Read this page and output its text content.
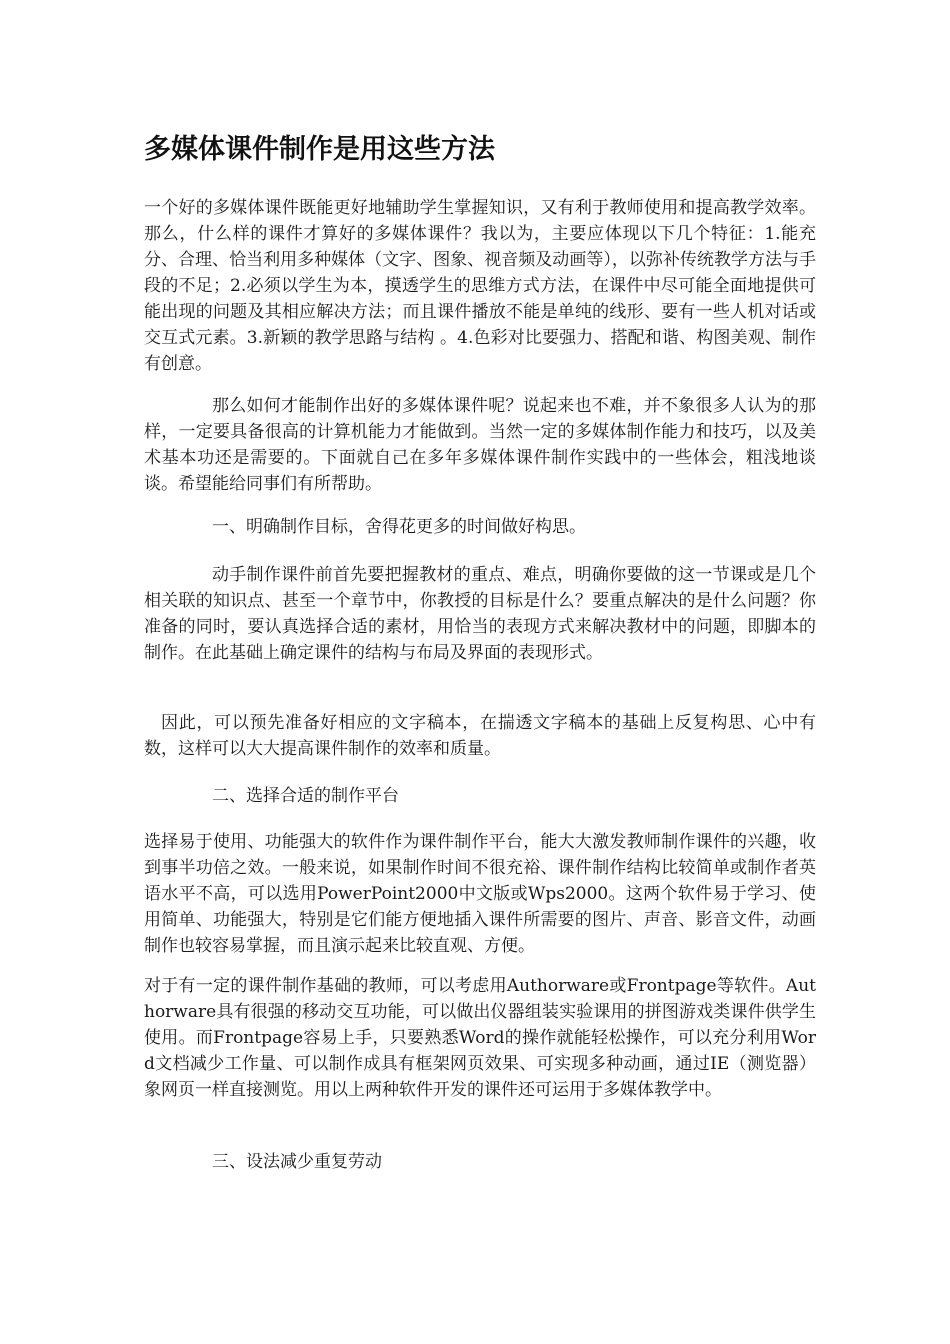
多媒体课件制作是用这些方法

一个好的多媒体课件既能更好地辅助学生掌握知识，又有利于教师使用和提高教学效率。那么，什么样的课件才算好的多媒体课件？我以为，主要应体现以下几个特征：1.能充分、合理、恰当利用多种媒体（文字、图象、视音频及动画等），以弥补传统教学方法与手段的不足；2.必须以学生为本，摸透学生的思维方式方法，在课件中尽可能全面地提供可能出现的问题及其相应解决方法；而且课件播放不能是单纯的线形、要有一些人机对话或交互式元素。3.新颖的教学思路与结构 。4.色彩对比要强力、搭配和谐、构图美观、制作有创意。

那么如何才能制作出好的多媒体课件呢？说起来也不难，并不象很多人认为的那样，一定要具备很高的计算机能力才能做到。当然一定的多媒体制作能力和技巧，以及美术基本功还是需要的。下面就自己在多年多媒体课件制作实践中的一些体会，粗浅地谈谈。希望能给同事们有所帮助。

一、明确制作目标，舍得花更多的时间做好构思。

动手制作课件前首先要把握教材的重点、难点，明确你要做的这一节课或是几个相关联的知识点、甚至一个章节中，你教授的目标是什么？要重点解决的是什么问题？你准备的同时，要认真选择合适的素材，用恰当的表现方式来解决教材中的问题，即脚本的制作。在此基础上确定课件的结构与布局及界面的表现形式。

因此，可以预先准备好相应的文字稿本，在揣透文字稿本的基础上反复构思、心中有数，这样可以大大提高课件制作的效率和质量。

二、选择合适的制作平台

选择易于使用、功能强大的软件作为课件制作平台，能大大激发教师制作课件的兴趣，收到事半功倍之效。一般来说，如果制作时间不很充裕、课件制作结构比较简单或制作者英语水平不高，可以选用PowerPoint2000中文版或Wps2000。这两个软件易于学习、使用简单、功能强大，特别是它们能方便地插入课件所需要的图片、声音、影音文件，动画制作也较容易掌握，而且演示起来比较直观、方便。

对于有一定的课件制作基础的教师，可以考虑用Authorware或Frontpage等软件。Authorware具有很强的移动交互功能，可以做出仪器组装实验课用的拼图游戏类课件供学生使用。而Frontpage容易上手，只要熟悉Word的操作就能轻松操作，可以充分利用Word文档减少工作量、可以制作成具有框架网页效果、可实现多种动画，通过IE（测览器）象网页一样直接测览。用以上两种软件开发的课件还可运用于多媒体教学中。

三、设法减少重复劳动
